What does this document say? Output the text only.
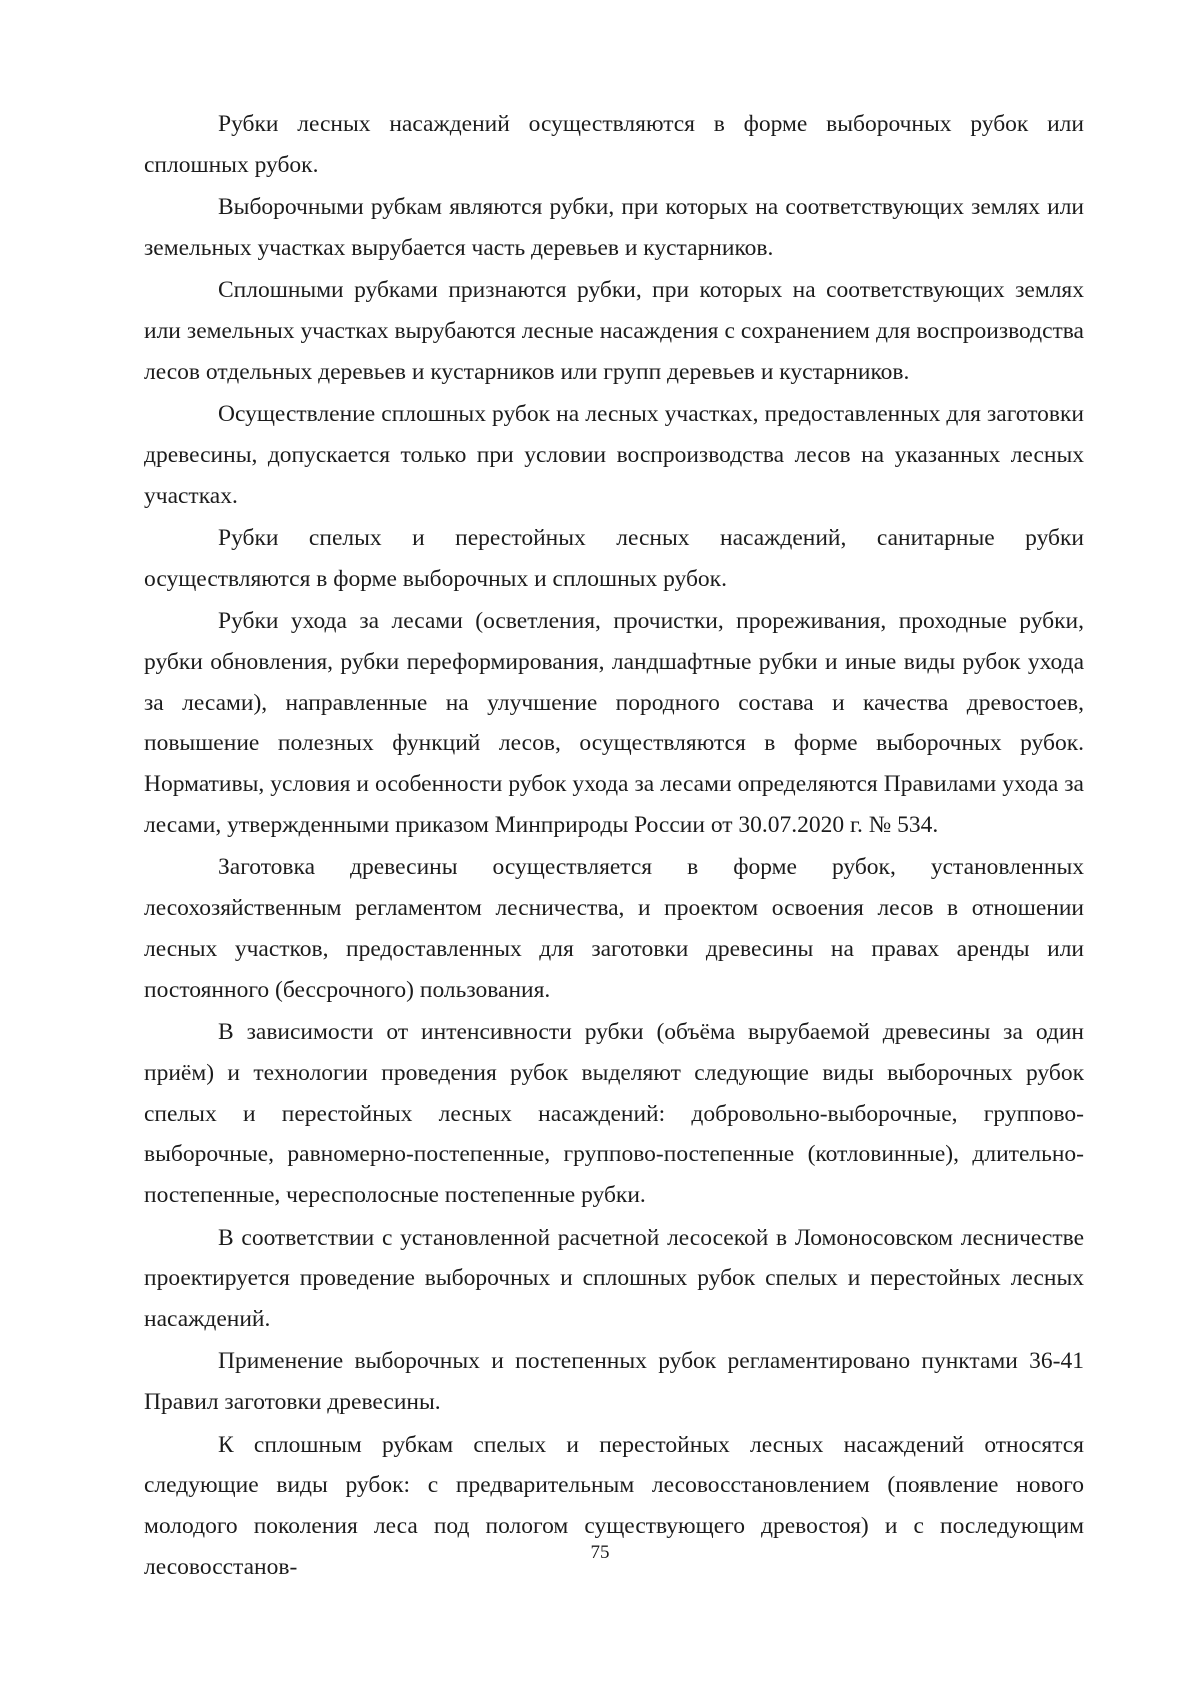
Рубки лесных насаждений осуществляются в форме выборочных рубок или сплошных рубок.

Выборочными рубкам являются рубки, при которых на соответствующих землях или земельных участках вырубается часть деревьев и кустарников.

Сплошными рубками признаются рубки, при которых на соответствующих землях или земельных участках вырубаются лесные насаждения с сохранением для воспроизводства лесов отдельных деревьев и кустарников или групп деревьев и кустарников.

Осуществление сплошных рубок на лесных участках, предоставленных для заготовки древесины, допускается только при условии воспроизводства лесов на указанных лесных участках.

Рубки спелых и перестойных лесных насаждений, санитарные рубки осуществляются в форме выборочных и сплошных рубок.

Рубки ухода за лесами (осветления, прочистки, прореживания, проходные рубки, рубки обновления, рубки переформирования, ландшафтные рубки и иные виды рубок ухода за лесами), направленные на улучшение породного состава и качества древостоев, повышение полезных функций лесов, осуществляются в форме выборочных рубок. Нормативы, условия и особенности рубок ухода за лесами определяются Правилами ухода за лесами, утвержденными приказом Минприроды России от 30.07.2020 г. № 534.

Заготовка древесины осуществляется в форме рубок, установленных лесохозяйственным регламентом лесничества, и проектом освоения лесов в отношении лесных участков, предоставленных для заготовки древесины на правах аренды или постоянного (бессрочного) пользования.

В зависимости от интенсивности рубки (объёма вырубаемой древесины за один приём) и технологии проведения рубок выделяют следующие виды выборочных рубок спелых и перестойных лесных насаждений: добровольно-выборочные, группово-выборочные, равномерно-постепенные, группово-постепенные (котловинные), длительно-постепенные, чересполосные постепенные рубки.

В соответствии с установленной расчетной лесосекой в Ломоносовском лесничестве проектируется проведение выборочных и сплошных рубок спелых и перестойных лесных насаждений.

Применение выборочных и постепенных рубок регламентировано пунктами 36-41 Правил заготовки древесины.

К сплошным рубкам спелых и перестойных лесных насаждений относятся следующие виды рубок: с предварительным лесовосстановлением (появление нового молодого поколения леса под пологом существующего древостоя) и с последующим лесовосстанов-

75
